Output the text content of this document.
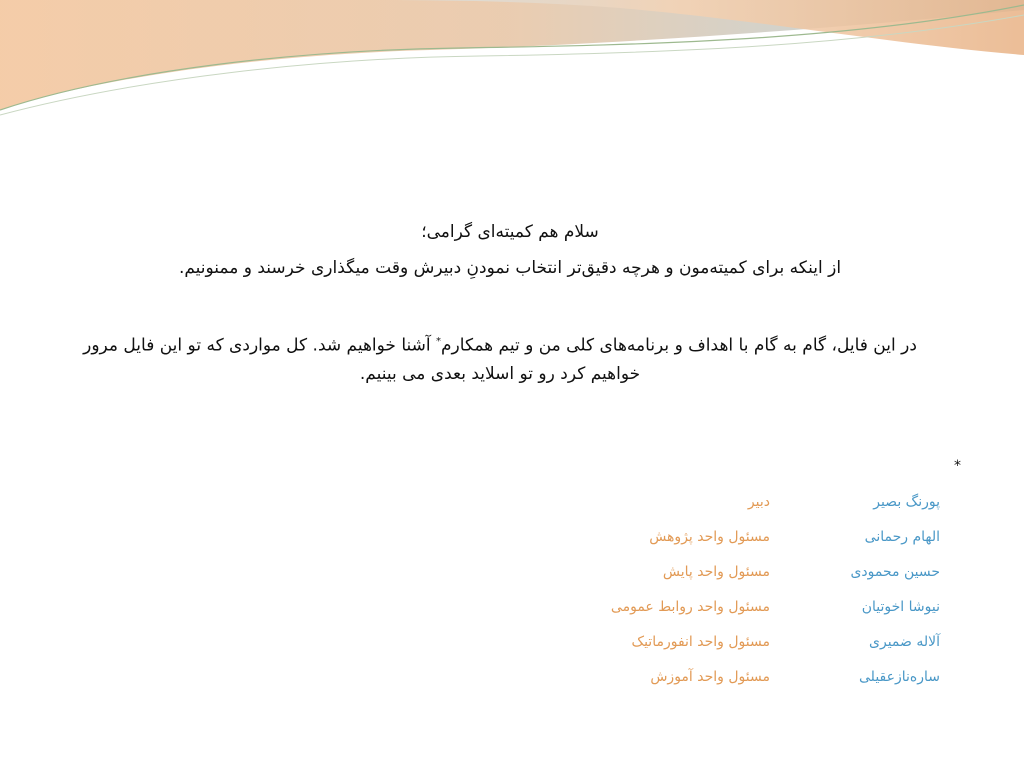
سلام هم کمیته‌ای گرامی؛
از اینکه برای کمیته‌مون و هرچه دقیق‌تر انتخاب نمودنِ دبیرش وقت میگذاری خرسند و ممنونیم.
در این فایل، گام به گام با اهداف و برنامه‌های کلی من و تیم همکارم* آشنا خواهیم شد. کل مواردی که تو این فایل مرور خواهیم کرد رو تو اسلاید بعدی می بینیم.
*
پورنگ بصیر
دبیر
الهام رحمانی
مسئول واحد پژوهش
حسین محمودی
مسئول واحد پایش
نیوشا اخوتیان
مسئول واحد روابط عمومی
آلاله ضمیری
مسئول واحد انفورماتیک
ساره‌نازعقیلی
مسئول واحد آموزش
